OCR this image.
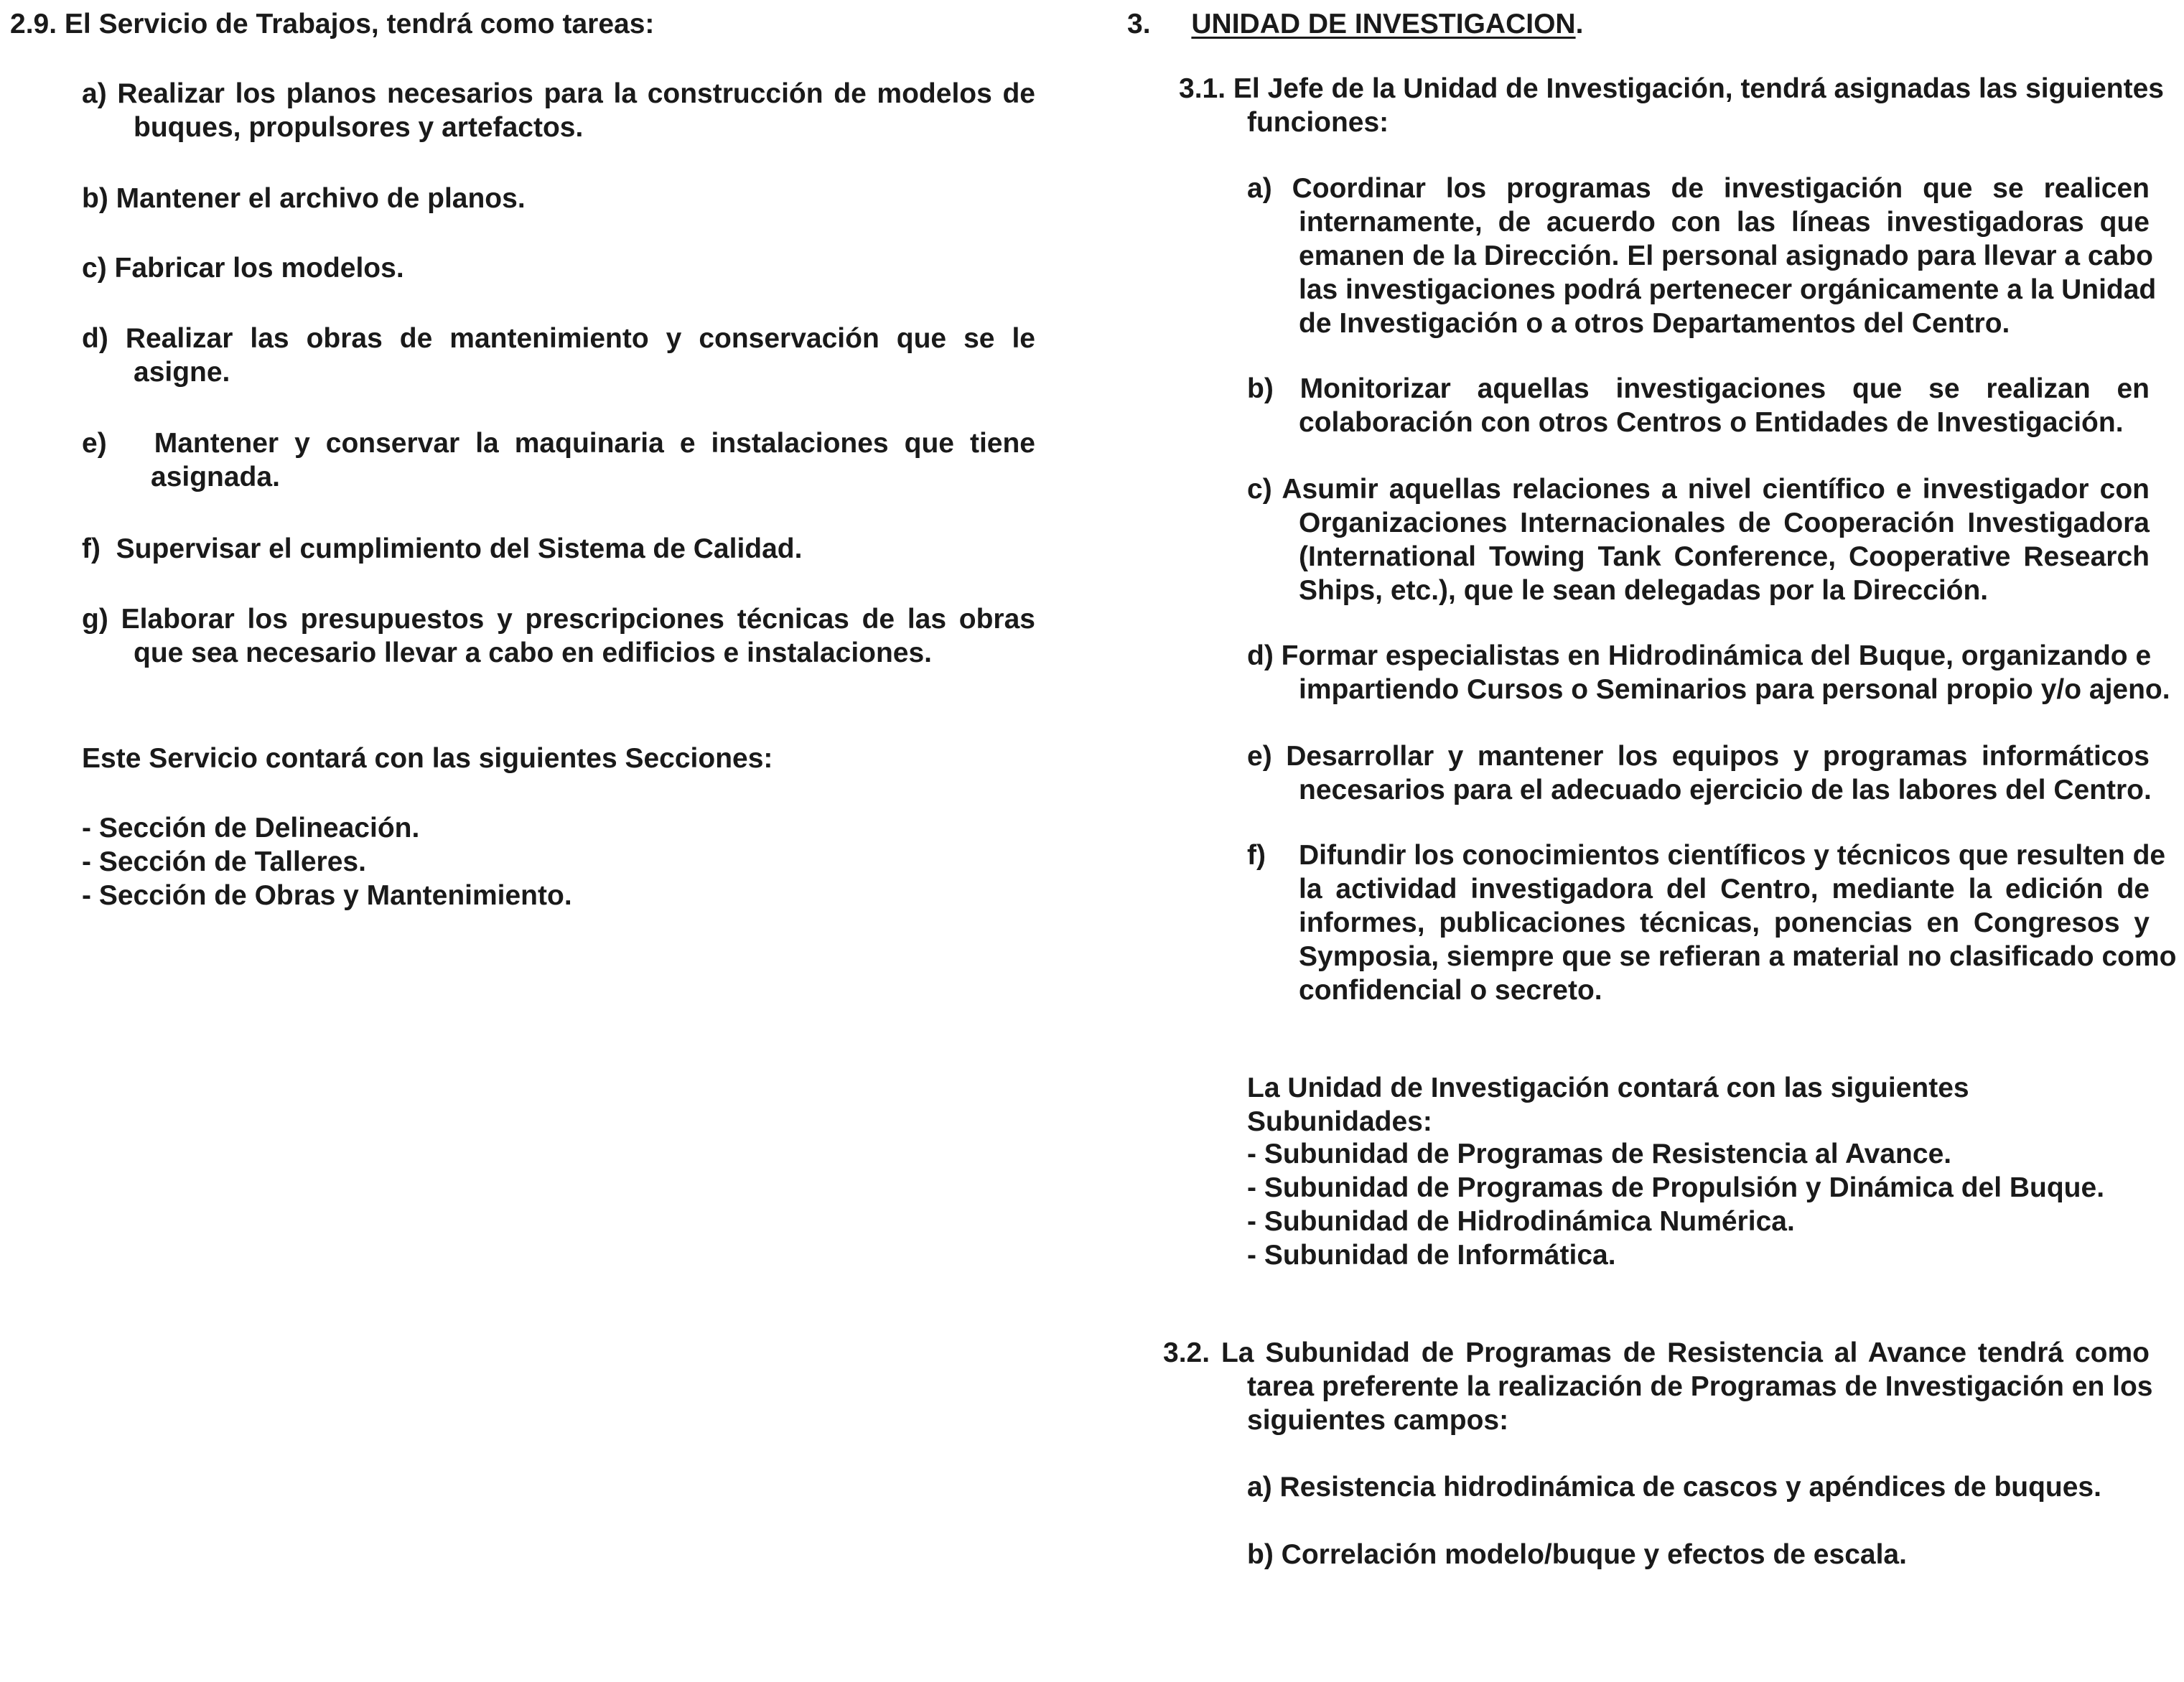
2.9. El Servicio de Trabajos, tendrá como tareas:
a) Realizar los planos necesarios para la construcción de modelos de
buques, propulsores y artefactos.
b) Mantener el archivo de planos.
c) Fabricar los modelos.
d) Realizar las obras de mantenimiento y conservación que se le
asigne.
e) Mantener y conservar la maquinaria e instalaciones que tiene
asignada.
f) Supervisar el cumplimiento del Sistema de Calidad.
g) Elaborar los presupuestos y prescripciones técnicas de las obras
que sea necesario llevar a cabo en edificios e instalaciones.
Este Servicio contará con las siguientes Secciones:
- Sección de Delineación.
- Sección de Talleres.
- Sección de Obras y Mantenimiento.
3. UNIDAD DE INVESTIGACION.
3.1. El Jefe de la Unidad de Investigación, tendrá asignadas las siguientes
funciones:
a) Coordinar los programas de investigación que se realicen
internamente, de acuerdo con las líneas investigadoras que
emanen de la Dirección. El personal asignado para llevar a cabo
las investigaciones podrá pertenecer orgánicamente a la Unidad
de Investigación o a otros Departamentos del Centro.
b) Monitorizar aquellas investigaciones que se realizan en
colaboración con otros Centros o Entidades de Investigación.
c) Asumir aquellas relaciones a nivel científico e investigador con
Organizaciones Internacionales de Cooperación Investigadora
(International Towing Tank Conference, Cooperative Research
Ships, etc.), que le sean delegadas por la Dirección.
d) Formar especialistas en Hidrodinámica del Buque, organizando e
impartiendo Cursos o Seminarios para personal propio y/o ajeno.
e) Desarrollar y mantener los equipos y programas informáticos
necesarios para el adecuado ejercicio de las labores del Centro.
f) Difundir los conocimientos científicos y técnicos que resulten de
la actividad investigadora del Centro, mediante la edición de
informes, publicaciones técnicas, ponencias en Congresos y
Symposia, siempre que se refieran a material no clasificado como
confidencial o secreto.
La Unidad de Investigación contará con las siguientes Subunidades:
- Subunidad de Programas de Resistencia al Avance.
- Subunidad de Programas de Propulsión y Dinámica del Buque.
- Subunidad de Hidrodinámica Numérica.
- Subunidad de Informática.
3.2. La Subunidad de Programas de Resistencia al Avance tendrá como
tarea preferente la realización de Programas de Investigación en los
siguientes campos:
a) Resistencia hidrodinámica de cascos y apéndices de buques.
b) Correlación modelo/buque y efectos de escala.
